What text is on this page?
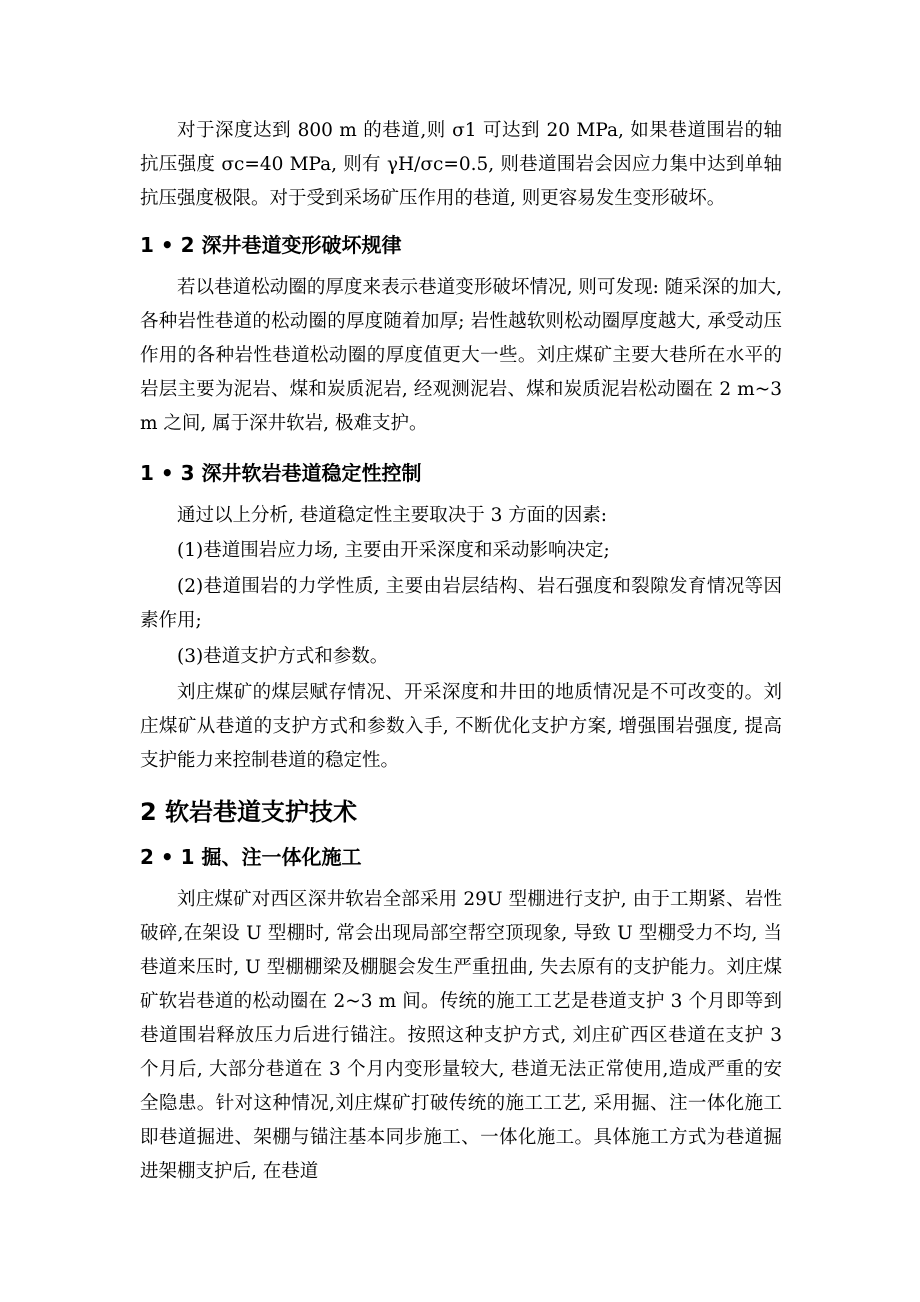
对于深度达到 800 m 的巷道,则 σ1 可达到 20 MPa, 如果巷道围岩的轴抗压强度 σc=40 MPa, 则有 γH/σc=0.5, 则巷道围岩会因应力集中达到单轴抗压强度极限。对于受到采场矿压作用的巷道, 则更容易发生变形破坏。

1 • 2 深井巷道变形破坏规律

若以巷道松动圈的厚度来表示巷道变形破坏情况, 则可发现: 随采深的加大, 各种岩性巷道的松动圈的厚度随着加厚; 岩性越软则松动圈厚度越大, 承受动压作用的各种岩性巷道松动圈的厚度值更大一些。刘庄煤矿主要大巷所在水平的岩层主要为泥岩、煤和炭质泥岩, 经观测泥岩、煤和炭质泥岩松动圈在 2 m~3 m 之间, 属于深井软岩, 极难支护。

1 • 3 深井软岩巷道稳定性控制

通过以上分析, 巷道稳定性主要取决于 3 方面的因素:

(1)巷道围岩应力场, 主要由开采深度和采动影响决定;

(2)巷道围岩的力学性质, 主要由岩层结构、岩石强度和裂隙发育情况等因素作用;

(3)巷道支护方式和参数。

刘庄煤矿的煤层赋存情况、开采深度和井田的地质情况是不可改变的。刘庄煤矿从巷道的支护方式和参数入手, 不断优化支护方案, 增强围岩强度, 提高支护能力来控制巷道的稳定性。

2 软岩巷道支护技术

2 • 1 掘、注一体化施工

刘庄煤矿对西区深井软岩全部采用 29U 型棚进行支护, 由于工期紧、岩性破碎,在架设 U 型棚时, 常会出现局部空帮空顶现象, 导致 U 型棚受力不均, 当巷道来压时, U 型棚棚梁及棚腿会发生严重扭曲, 失去原有的支护能力。刘庄煤矿软岩巷道的松动圈在 2~3 m 间。传统的施工工艺是巷道支护 3 个月即等到巷道围岩释放压力后进行锚注。按照这种支护方式, 刘庄矿西区巷道在支护 3 个月后, 大部分巷道在 3 个月内变形量较大, 巷道无法正常使用,造成严重的安全隐患。针对这种情况,刘庄煤矿打破传统的施工工艺, 采用掘、注一体化施工即巷道掘进、架棚与锚注基本同步施工、一体化施工。具体施工方式为巷道掘进架棚支护后, 在巷道
